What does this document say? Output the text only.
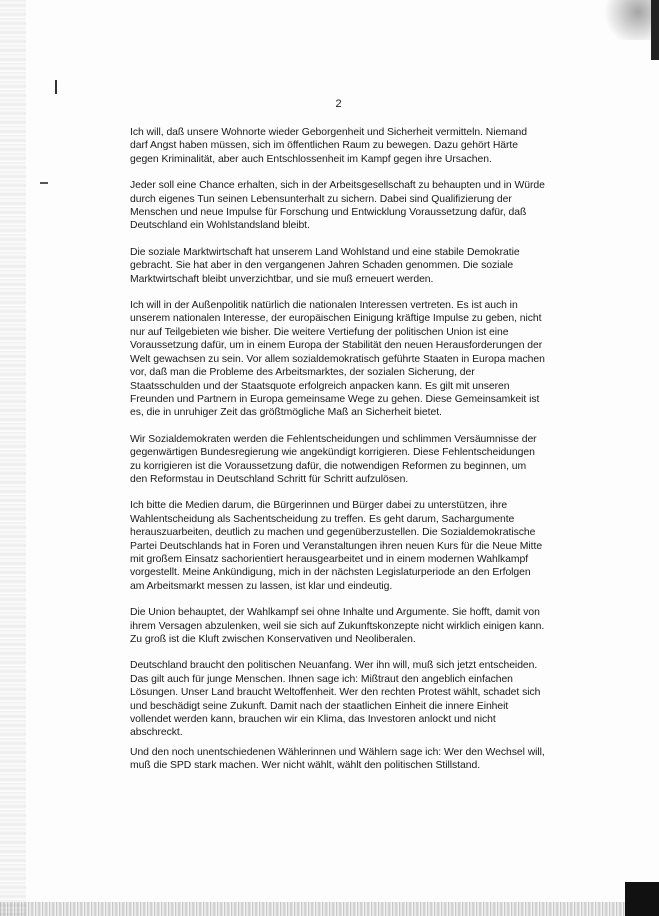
2

Ich will, daß unsere Wohnorte wieder Geborgenheit und Sicherheit vermitteln. Niemand darf Angst haben müssen, sich im öffentlichen Raum zu bewegen. Dazu gehört Härte gegen Kriminalität, aber auch Entschlossenheit im Kampf gegen ihre Ursachen.

Jeder soll eine Chance erhalten, sich in der Arbeitsgesellschaft zu behaupten und in Würde durch eigenes Tun seinen Lebensunterhalt zu sichern. Dabei sind Qualifizierung der Menschen und neue Impulse für Forschung und Entwicklung Voraussetzung dafür, daß Deutschland ein Wohlstandsland bleibt.

Die soziale Marktwirtschaft hat unserem Land Wohlstand und eine stabile Demokratie gebracht. Sie hat aber in den vergangenen Jahren Schaden genommen. Die soziale Marktwirtschaft bleibt unverzichtbar, und sie muß erneuert werden.

Ich will in der Außenpolitik natürlich die nationalen Interessen vertreten. Es ist auch in unserem nationalen Interesse, der europäischen Einigung kräftige Impulse zu geben, nicht nur auf Teilgebieten wie bisher. Die weitere Vertiefung der politischen Union ist eine Voraussetzung dafür, um in einem Europa der Stabilität den neuen Herausforderungen der Welt gewachsen zu sein. Vor allem sozialdemokratisch geführte Staaten in Europa machen vor, daß man die Probleme des Arbeitsmarktes, der sozialen Sicherung, der Staatsschulden und der Staatsquote erfolgreich anpacken kann. Es gilt mit unseren Freunden und Partnern in Europa gemeinsame Wege zu gehen. Diese Gemeinsamkeit ist es, die in unruhiger Zeit das größtmögliche Maß an Sicherheit bietet.

Wir Sozialdemokraten werden die Fehlentscheidungen und schlimmen Versäumnisse der gegenwärtigen Bundesregierung wie angekündigt korrigieren. Diese Fehlentscheidungen zu korrigieren ist die Voraussetzung dafür, die notwendigen Reformen zu beginnen, um den Reformstau in Deutschland Schritt für Schritt aufzulösen.

Ich bitte die Medien darum, die Bürgerinnen und Bürger dabei zu unterstützen, ihre Wahlentscheidung als Sachentscheidung zu treffen. Es geht darum, Sachargumente herauszuarbeiten, deutlich zu machen und gegenüberzustellen. Die Sozialdemokratische Partei Deutschlands hat in Foren und Veranstaltungen ihren neuen Kurs für die Neue Mitte mit großem Einsatz sachorientiert herausgearbeitet und in einem modernen Wahlkampf vorgestellt. Meine Ankündigung, mich in der nächsten Legislaturperiode an den Erfolgen am Arbeitsmarkt messen zu lassen, ist klar und eindeutig.

Die Union behauptet, der Wahlkampf sei ohne Inhalte und Argumente. Sie hofft, damit von ihrem Versagen abzulenken, weil sie sich auf Zukunftskonzepte nicht wirklich einigen kann. Zu groß ist die Kluft zwischen Konservativen und Neoliberalen.

Deutschland braucht den politischen Neuanfang. Wer ihn will, muß sich jetzt entscheiden. Das gilt auch für junge Menschen. Ihnen sage ich: Mißtraut den angeblich einfachen Lösungen. Unser Land braucht Weltoffenheit. Wer den rechten Protest wählt, schadet sich und beschädigt seine Zukunft. Damit nach der staatlichen Einheit die innere Einheit vollendet werden kann, brauchen wir ein Klima, das Investoren anlockt und nicht abschreckt.

Und den noch unentschiedenen Wählerinnen und Wählern sage ich: Wer den Wechsel will, muß die SPD stark machen. Wer nicht wählt, wählt den politischen Stillstand.
